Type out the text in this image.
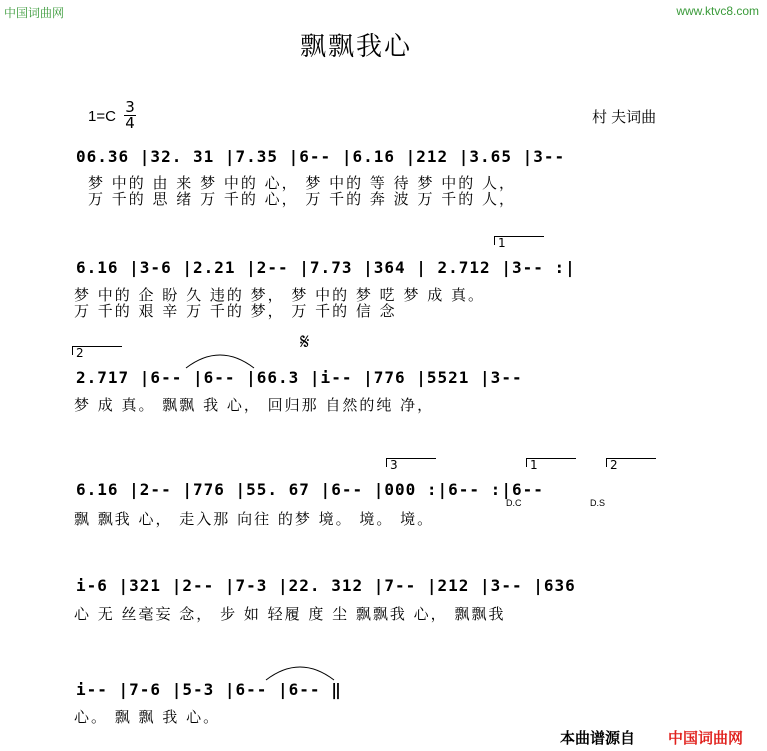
中国词曲网	www.ktvc8.com
飘飘我心
1=C
3
4	村 夫词曲
06.36 |32. 31 |7.35 |6-- |6.16 |212 |3.65 |3--
梦 中的 由 来 梦 中的 心， 梦 中的 等 待 梦 中的 人，
万 千的 思 绪 万 千的 心， 万 千的 奔 波 万 千的 人，
1
6.16 |3-6 |2.21 |2-- |7.73 |364 | 2.712 |3-- :|
梦 中的 企 盼 久 违的 梦， 梦 中的 梦 呓 梦 成 真。
万 千的 艰 辛 万 千的 梦， 万 千的 信 念
2	𝄋
2.717 |6-- |6-- |66.3 |i-- |776 |5521 |3--
梦 成 真。 飘飘 我 心， 回归那 自然的纯 净，
3	1	2
6.16 |2-- |776 |55. 67 |6-- |000 :|6-- :|6--
D.C	D.S
飘 飘我 心， 走入那 向往 的梦 境。 境。 境。
i-6 |321 |2-- |7-3 |22. 312 |7-- |212 |3-- |636
心 无 丝毫妄 念， 步 如 轻履 度 尘 飘飘我 心， 飘飘我
i-- |7-6 |5-3 |6-- |6-- ‖
心。 飘 飘 我 心。
本曲谱源自 中国词曲网
